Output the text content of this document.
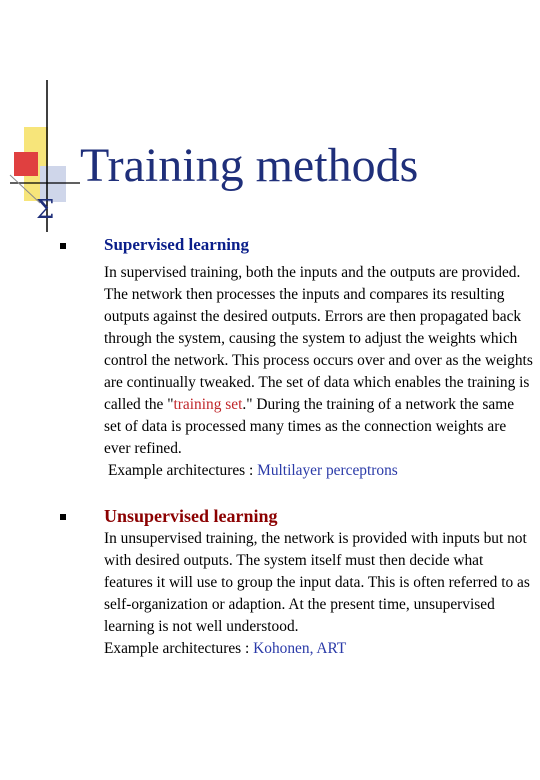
Σ
Training methods
Supervised learning

In supervised training, both the inputs and the outputs are provided. The network then processes the inputs and compares its resulting outputs against the desired outputs. Errors are then propagated back through the system, causing the system to adjust the weights which control the network. This process occurs over and over as the weights are continually tweaked. The set of data which enables the training is called the "training set." During the training of a network the same set of data is processed many times as the connection weights are ever refined.

Example architectures : Multilayer perceptrons

Unsupervised learning

In unsupervised training, the network is provided with inputs but not with desired outputs. The system itself must then decide what features it will use to group the input data. This is often referred to as self-organization or adaption. At the present time, unsupervised learning is not well understood.

Example architectures : Kohonen, ART
